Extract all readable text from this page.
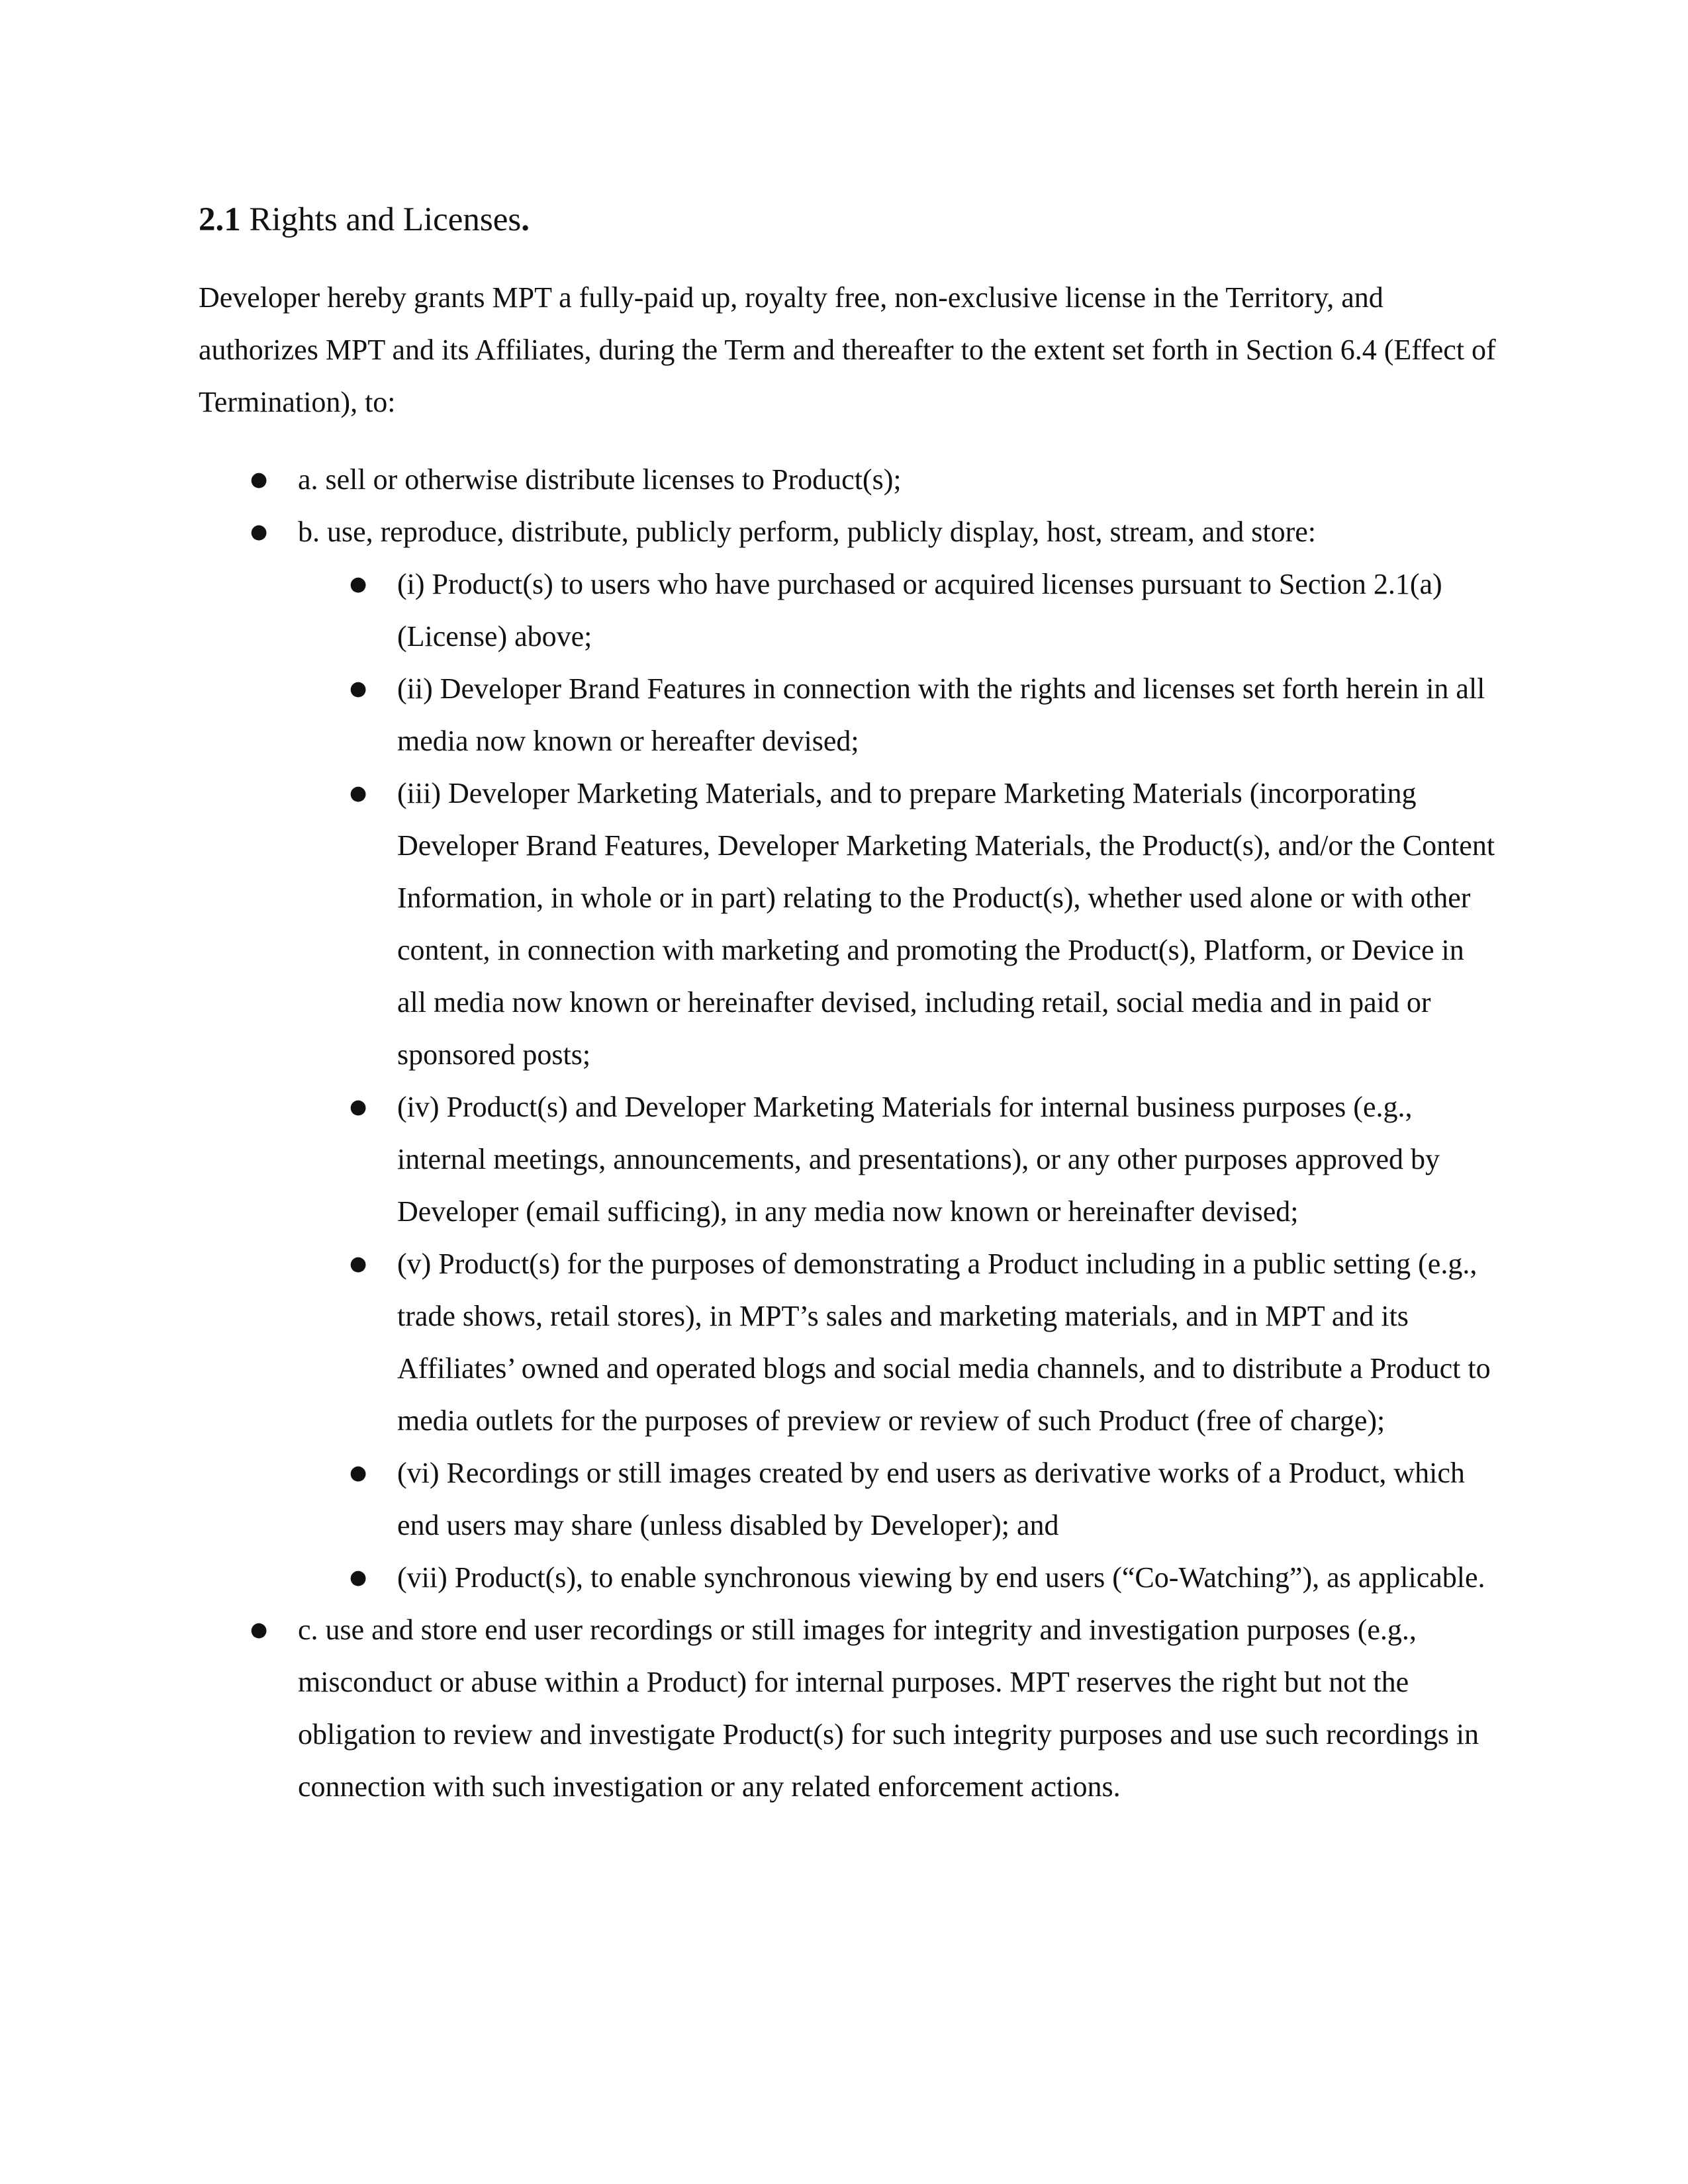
2.1 Rights and Licenses.

Developer hereby grants MPT a fully-paid up, royalty free, non-exclusive license in the Territory, and authorizes MPT and its Affiliates, during the Term and thereafter to the extent set forth in Section 6.4 (Effect of Termination), to:

● a. sell or otherwise distribute licenses to Product(s);
● b. use, reproduce, distribute, publicly perform, publicly display, host, stream, and store:
● (i) Product(s) to users who have purchased or acquired licenses pursuant to Section 2.1(a) (License) above;
● (ii) Developer Brand Features in connection with the rights and licenses set forth herein in all media now known or hereafter devised;
● (iii) Developer Marketing Materials, and to prepare Marketing Materials (incorporating Developer Brand Features, Developer Marketing Materials, the Product(s), and/or the Content Information, in whole or in part) relating to the Product(s), whether used alone or with other content, in connection with marketing and promoting the Product(s), Platform, or Device in all media now known or hereinafter devised, including retail, social media and in paid or sponsored posts;
● (iv) Product(s) and Developer Marketing Materials for internal business purposes (e.g., internal meetings, announcements, and presentations), or any other purposes approved by Developer (email sufficing), in any media now known or hereinafter devised;
● (v) Product(s) for the purposes of demonstrating a Product including in a public setting (e.g., trade shows, retail stores), in MPT’s sales and marketing materials, and in MPT and its Affiliates’ owned and operated blogs and social media channels, and to distribute a Product to media outlets for the purposes of preview or review of such Product (free of charge);
● (vi) Recordings or still images created by end users as derivative works of a Product, which end users may share (unless disabled by Developer); and
● (vii) Product(s), to enable synchronous viewing by end users (“Co-Watching”), as applicable.
● c. use and store end user recordings or still images for integrity and investigation purposes (e.g., misconduct or abuse within a Product) for internal purposes. MPT reserves the right but not the obligation to review and investigate Product(s) for such integrity purposes and use such recordings in connection with such investigation or any related enforcement actions.
